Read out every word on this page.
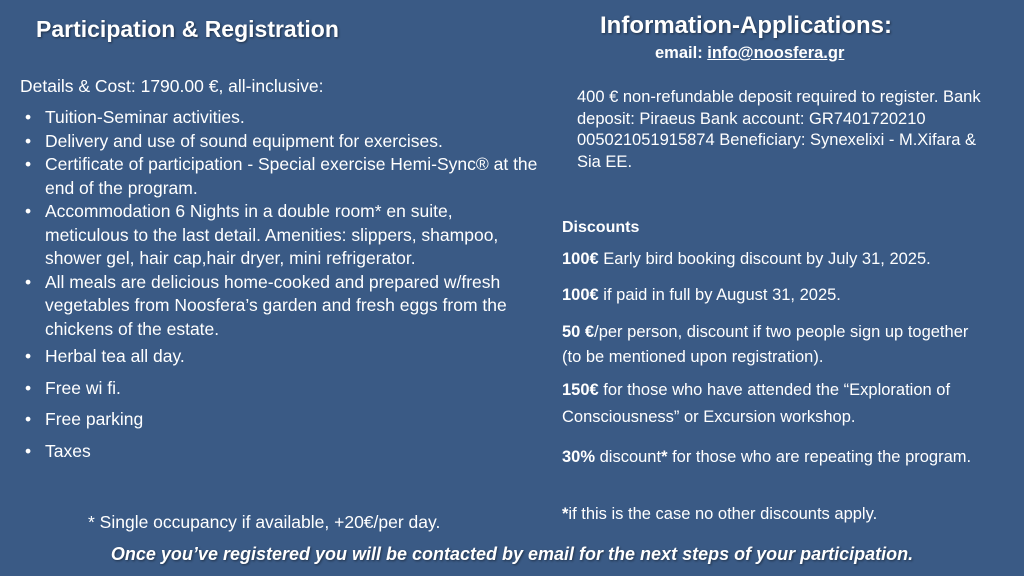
Participation & Registration
Details & Cost: 1790.00 €, all-inclusive:
• Tuition-Seminar activities.
• Delivery and use of sound equipment for exercises.
• Certificate of participation - Special exercise Hemi-Sync® at the end of the program.
• Accommodation 6 Nights in a double room* en suite, meticulous to the last detail. Amenities: slippers, shampoo, shower gel, hair cap,hair dryer, mini refrigerator.
• All meals are delicious home-cooked and prepared w/fresh vegetables from Noosfera’s garden and fresh eggs from the chickens of the estate.
• Herbal tea all day.
• Free wi fi.
• Free parking
• Taxes
* Single occupancy if available, +20€/per day.
Information-Applications:
email: info@noosfera.gr
400 € non-refundable deposit required to register. Bank deposit: Piraeus Bank account: GR7401720210 005021051915874 Beneficiary: Synexelixi - M.Xifara & Sia EE.
Discounts
100€ Early bird booking discount by July 31, 2025.
100€ if paid in full by August 31, 2025.
50 €/per person, discount if two people sign up together (to be mentioned upon registration).
150€ for those who have attended the “Exploration of Consciousness” or Excursion workshop.
30% discount* for those who are repeating the program.
*if this is the case no other discounts apply.
Once you’ve registered you will be contacted by email for the next steps of your participation.
